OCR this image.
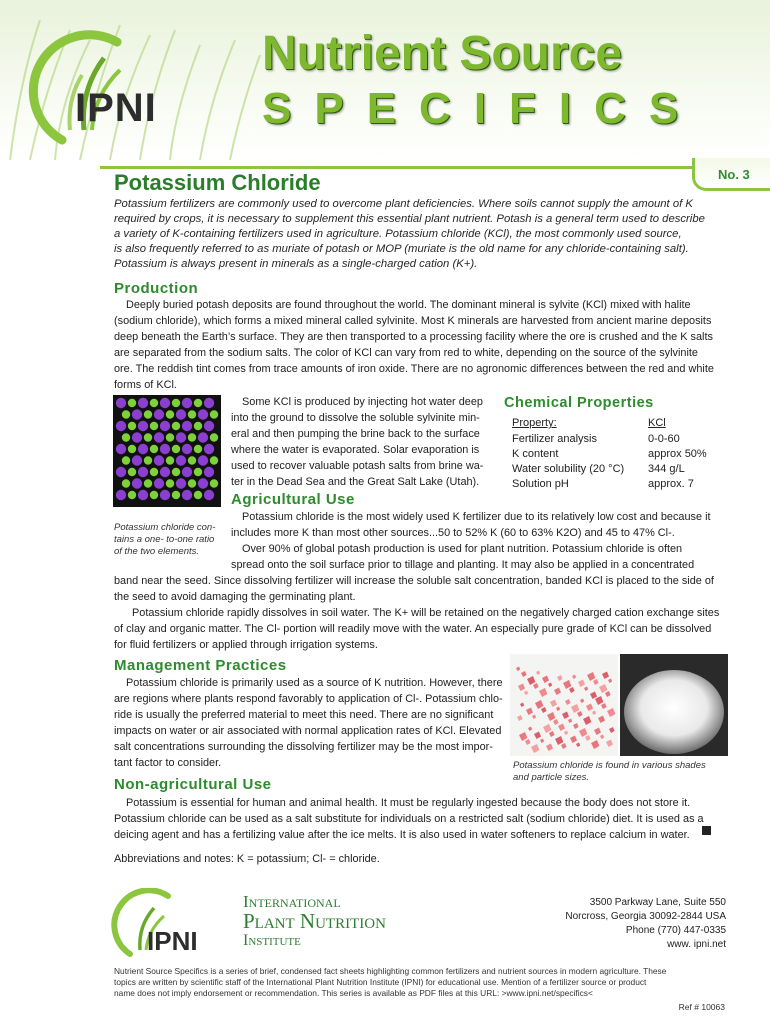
IPNI
Nutrient Source
SPECIFICS
No. 3
Potassium Chloride
Potassium fertilizers are commonly used to overcome plant deficiencies. Where soils cannot supply the amount of K
required by crops, it is necessary to supplement this essential plant nutrient. Potash is a general term used to describe
a variety of K-containing fertilizers used in agriculture. Potassium chloride (KCl), the most commonly used source,
is also frequently referred to as muriate of potash or MOP (muriate is the old name for any chloride-containing salt).
Potassium is always present in minerals as a single-charged cation (K+).
Production
Deeply buried potash deposits are found throughout the world. The dominant mineral is sylvite (KCl) mixed with halite
(sodium chloride), which forms a mixed mineral called sylvinite. Most K minerals are harvested from ancient marine deposits
deep beneath the Earth’s surface. They are then transported to a processing facility where the ore is crushed and the K salts
are separated from the sodium salts. The color of KCl can vary from red to white, depending on the source of the sylvinite
ore. The reddish tint comes from trace amounts of iron oxide. There are no agronomic differences between the red and white
forms of KCl.
Some KCl is produced by injecting hot water deep
into the ground to dissolve the soluble sylvinite min-
eral and then pumping the brine back to the surface
where the water is evaporated. Solar evaporation is
used to recover valuable potash salts from brine wa-
ter in the Dead Sea and the Great Salt Lake (Utah).
Chemical Properties
Property:	KCl
Fertilizer analysis	0-0-60
K content	approx 50%
Water solubility (20 °C) 344 g/L
Solution pH	approx. 7
Agricultural Use
Potassium chloride con-
tains a one- to-one ratio
of the two elements.
Potassium chloride is the most widely used K fertilizer due to its relatively low cost and because it
includes more K than most other sources...50 to 52% K (60 to 63% K2O) and 45 to 47% Cl-.
Over 90% of global potash production is used for plant nutrition. Potassium chloride is often
spread onto the soil surface prior to tillage and planting. It may also be applied in a concentrated
band near the seed. Since dissolving fertilizer will increase the soluble salt concentration, banded KCl is placed to the side of
the seed to avoid damaging the germinating plant.
Potassium chloride rapidly dissolves in soil water. The K+ will be retained on the negatively charged cation exchange sites
of clay and organic matter. The Cl- portion will readily move with the water. An especially pure grade of KCl can be dissolved
for fluid fertilizers or applied through irrigation systems.
Management Practices
Potassium chloride is primarily used as a source of K nutrition. However, there
are regions where plants respond favorably to application of Cl-. Potassium chlo-
ride is usually the preferred material to meet this need. There are no significant
impacts on water or air associated with normal application rates of KCl. Elevated
salt concentrations surrounding the dissolving fertilizer may be the most impor-
tant factor to consider.	Potassium chloride is found in various shades
and particle sizes.
Non-agricultural Use
Potassium is essential for human and animal health. It must be regularly ingested because the body does not store it.
Potassium chloride can be used as a salt substitute for individuals on a restricted salt (sodium chloride) diet. It is used as a
deicing agent and has a fertilizing value after the ice melts. It is also used in water softeners to replace calcium in water.
Abbreviations and notes: K = potassium; Cl- = chloride.
IPNI
International
Plant Nutrition
Institute
3500 Parkway Lane, Suite 550
Norcross, Georgia 30092-2844 USA
Phone (770) 447-0335
www. ipni.net
Nutrient Source Specifics is a series of brief, condensed fact sheets highlighting common fertilizers and nutrient sources in modern agriculture. These
topics are written by scientific staff of the International Plant Nutrition Institute (IPNI) for educational use. Mention of a fertilizer source or product
name does not imply endorsement or recommendation. This series is available as PDF files at this URL: >www.ipni.net/specifics<
Ref # 10063
